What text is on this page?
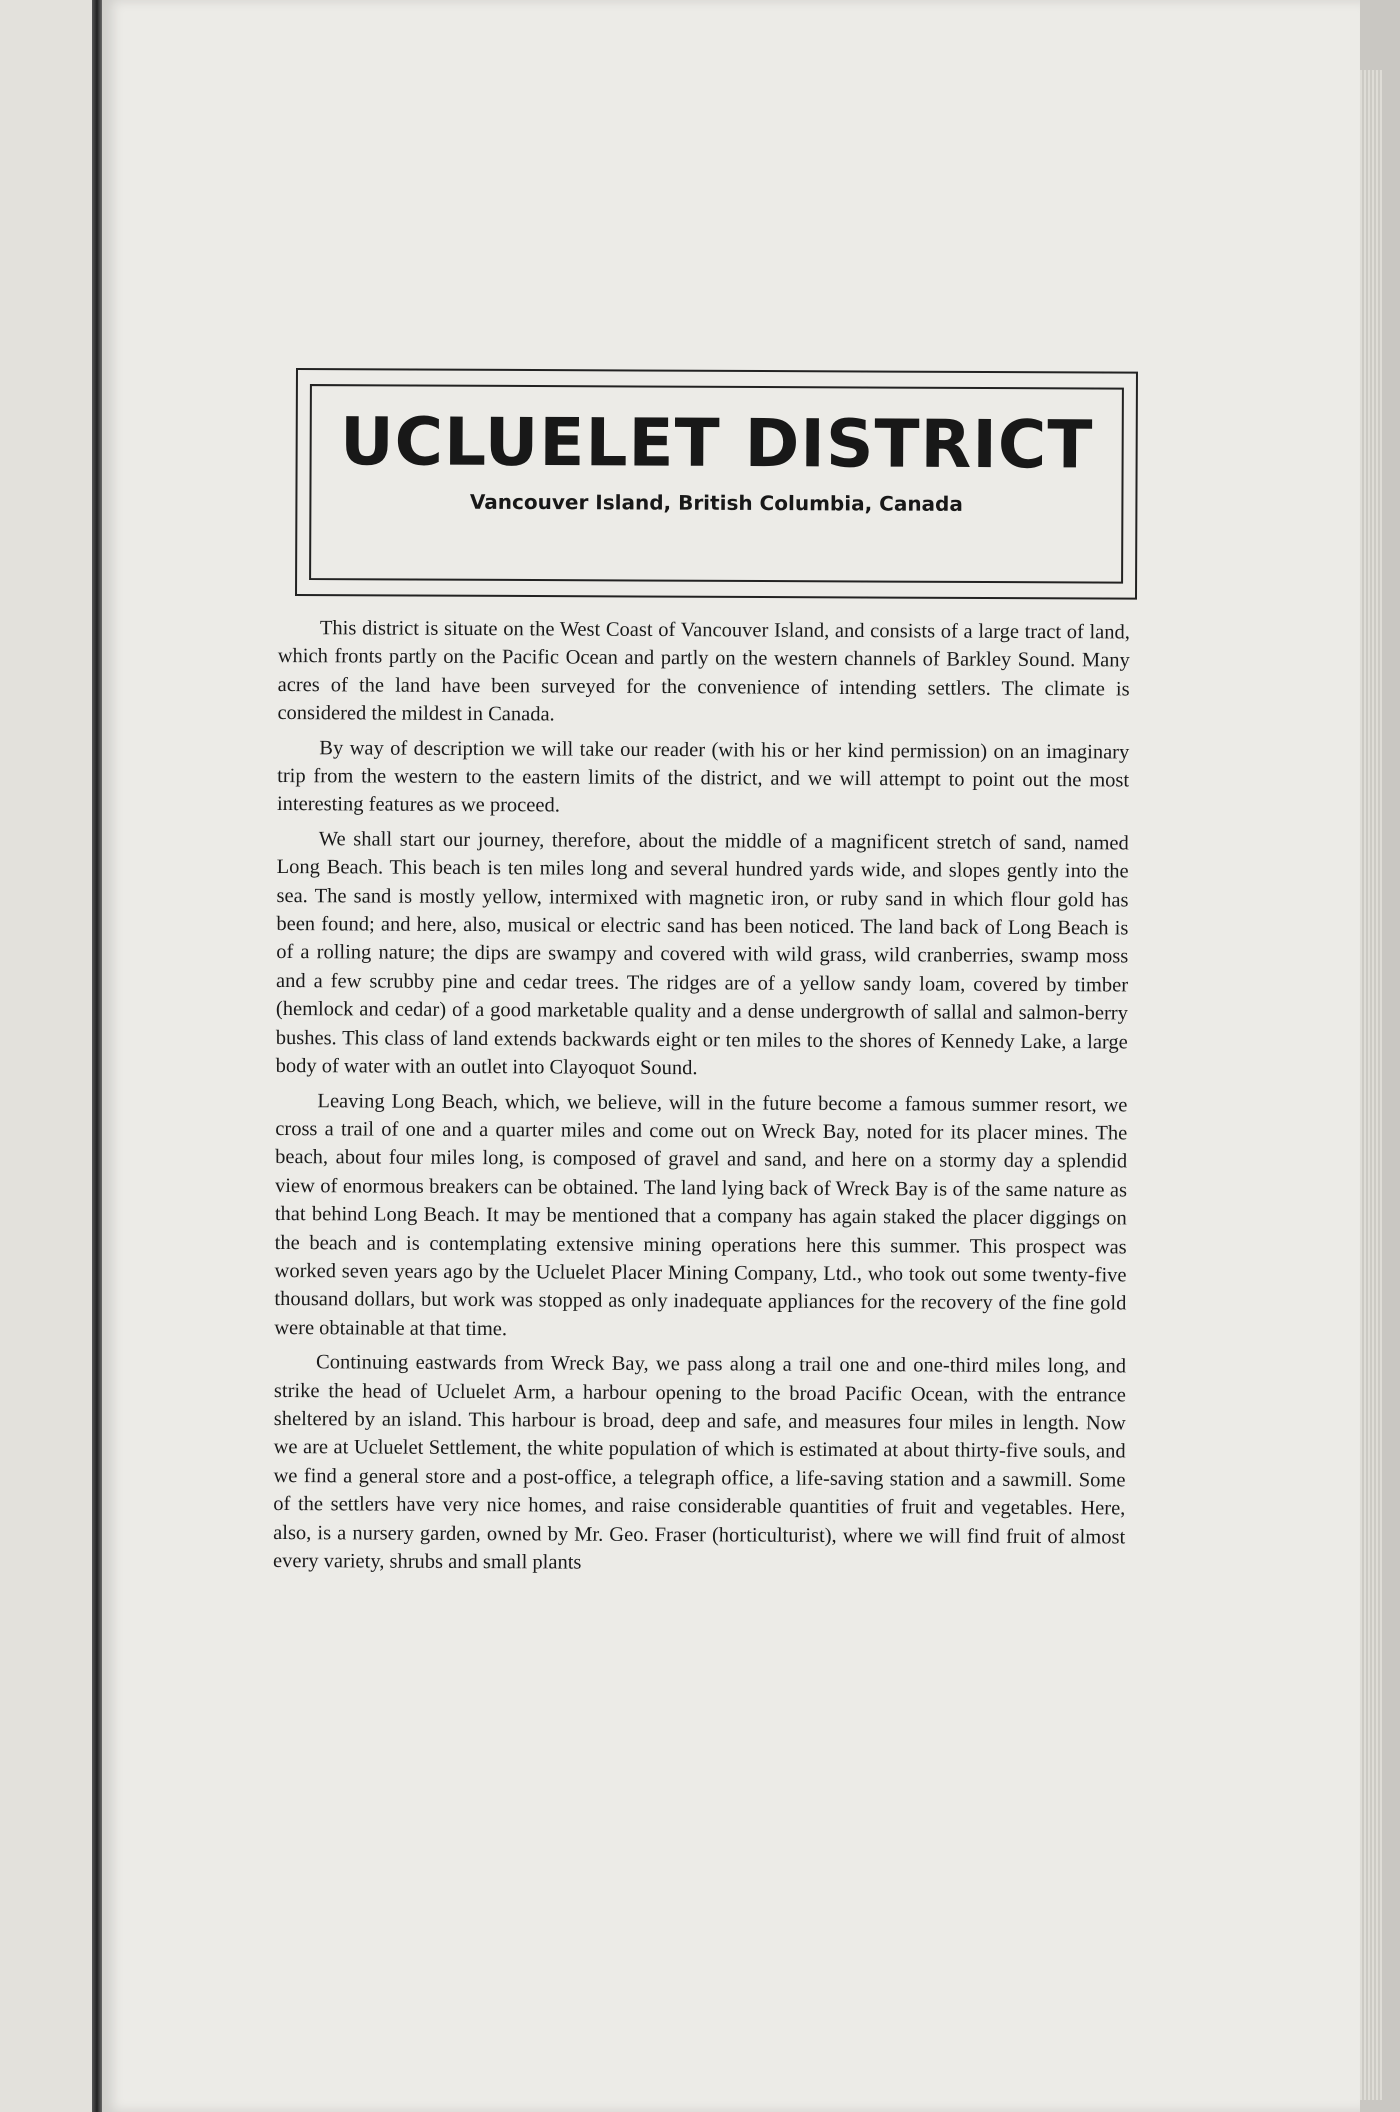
UCLUELET DISTRICT
Vancouver Island, British Columbia, Canada

This district is situate on the West Coast of Vancouver Island, and consists of a large tract of land, which fronts partly on the Pacific Ocean and partly on the western channels of Barkley Sound. Many acres of the land have been surveyed for the convenience of intending settlers. The climate is considered the mildest in Canada.

By way of description we will take our reader (with his or her kind permission) on an imaginary trip from the western to the eastern limits of the district, and we will attempt to point out the most interesting features as we proceed.

We shall start our journey, therefore, about the middle of a magnificent stretch of sand, named Long Beach. This beach is ten miles long and several hundred yards wide, and slopes gently into the sea. The sand is mostly yellow, intermixed with magnetic iron, or ruby sand in which flour gold has been found; and here, also, musical or electric sand has been noticed. The land back of Long Beach is of a rolling nature; the dips are swampy and covered with wild grass, wild cranberries, swamp moss and a few scrubby pine and cedar trees. The ridges are of a yellow sandy loam, covered by timber (hemlock and cedar) of a good marketable quality and a dense undergrowth of sallal and salmon-berry bushes. This class of land extends backwards eight or ten miles to the shores of Kennedy Lake, a large body of water with an outlet into Clayoquot Sound.

Leaving Long Beach, which, we believe, will in the future become a famous summer resort, we cross a trail of one and a quarter miles and come out on Wreck Bay, noted for its placer mines. The beach, about four miles long, is composed of gravel and sand, and here on a stormy day a splendid view of enormous breakers can be obtained. The land lying back of Wreck Bay is of the same nature as that behind Long Beach. It may be mentioned that a company has again staked the placer diggings on the beach and is contemplating extensive mining operations here this summer. This prospect was worked seven years ago by the Ucluelet Placer Mining Company, Ltd., who took out some twenty-five thousand dollars, but work was stopped as only inadequate appliances for the recovery of the fine gold were obtainable at that time.

Continuing eastwards from Wreck Bay, we pass along a trail one and one-third miles long, and strike the head of Ucluelet Arm, a harbour opening to the broad Pacific Ocean, with the entrance sheltered by an island. This harbour is broad, deep and safe, and measures four miles in length. Now we are at Ucluelet Settlement, the white population of which is estimated at about thirty-five souls, and we find a general store and a post-office, a telegraph office, a life-saving station and a sawmill. Some of the settlers have very nice homes, and raise considerable quantities of fruit and vegetables. Here, also, is a nursery garden, owned by Mr. Geo. Fraser (horticulturist), where we will find fruit of almost every variety, shrubs and small plants
